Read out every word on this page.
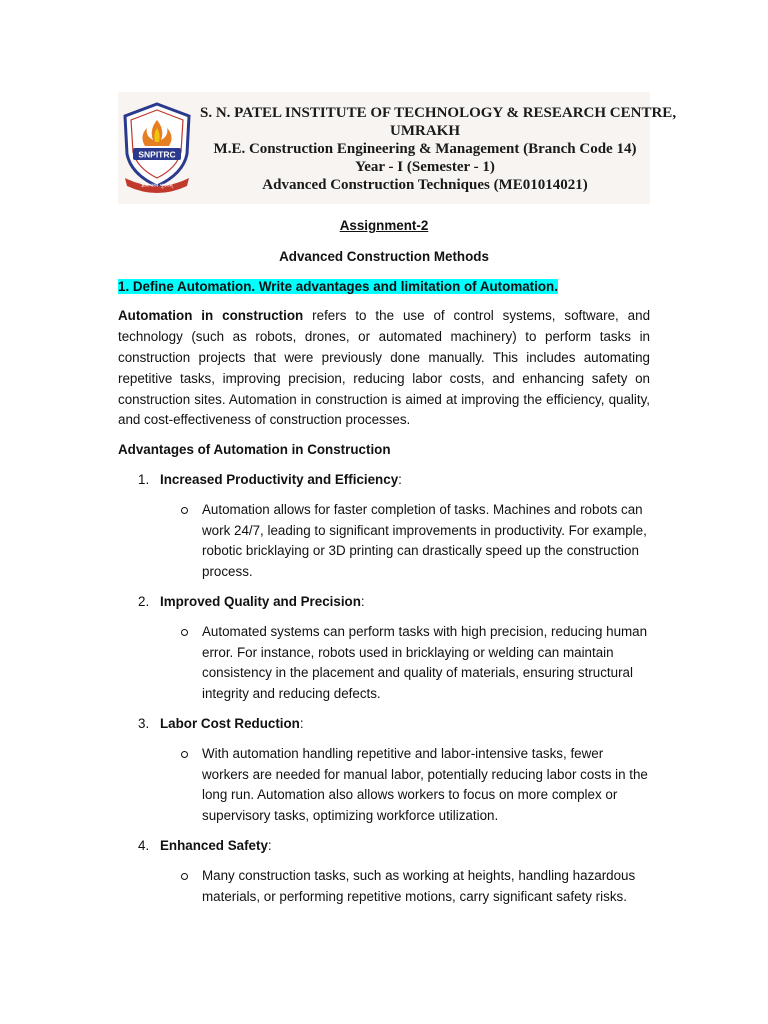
SNPITRC
ज्ञानं परमं भूषणम्
S. N. PATEL INSTITUTE OF TECHNOLOGY & RESEARCH CENTRE,
UMRAKH
M.E. Construction Engineering & Management (Branch Code 14)
Year - I (Semester - 1)
Advanced Construction Techniques (ME01014021)
Assignment-2
Advanced Construction Methods
1. Define Automation. Write advantages and limitation of Automation.
Automation in construction refers to the use of control systems, software, and technology (such as robots, drones, or automated machinery) to perform tasks in construction projects that were previously done manually. This includes automating repetitive tasks, improving precision, reducing labor costs, and enhancing safety on construction sites. Automation in construction is aimed at improving the efficiency, quality, and cost-effectiveness of construction processes.
Advantages of Automation in Construction
1. Increased Productivity and Efficiency:
Automation allows for faster completion of tasks. Machines and robots can work 24/7, leading to significant improvements in productivity. For example, robotic bricklaying or 3D printing can drastically speed up the construction process.
2. Improved Quality and Precision:
Automated systems can perform tasks with high precision, reducing human error. For instance, robots used in bricklaying or welding can maintain consistency in the placement and quality of materials, ensuring structural integrity and reducing defects.
3. Labor Cost Reduction:
With automation handling repetitive and labor-intensive tasks, fewer workers are needed for manual labor, potentially reducing labor costs in the long run. Automation also allows workers to focus on more complex or supervisory tasks, optimizing workforce utilization.
4. Enhanced Safety:
Many construction tasks, such as working at heights, handling hazardous materials, or performing repetitive motions, carry significant safety risks.
